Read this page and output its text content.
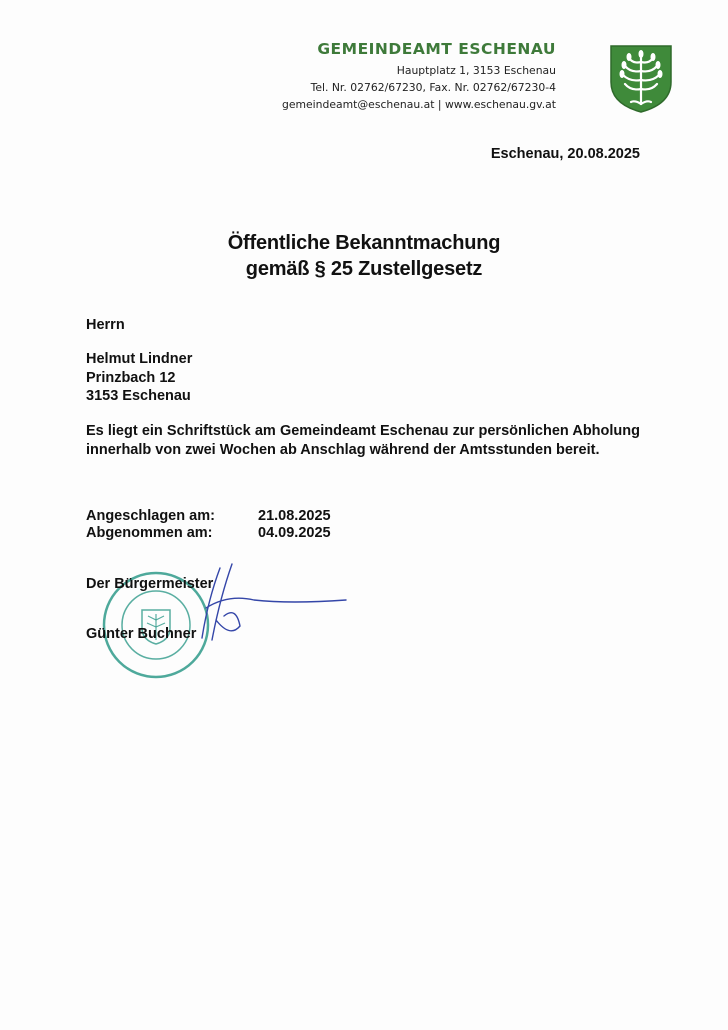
GEMEINDEAMT ESCHENAU
Hauptplatz 1, 3153 Eschenau
Tel. Nr. 02762/67230, Fax. Nr. 02762/67230-4
gemeindeamt@eschenau.at | www.eschenau.gv.at
Eschenau, 20.08.2025
Öffentliche Bekanntmachung
gemäß § 25 Zustellgesetz
Herrn
Helmut Lindner
Prinzbach 12
3153 Eschenau
Es liegt ein Schriftstück am Gemeindeamt Eschenau zur persönlichen Abholung innerhalb von zwei Wochen ab Anschlag während der Amtsstunden bereit.
Angeschlagen am:	21.08.2025
Abgenommen am:	04.09.2025
Der Bürgermeister
Günter Buchner
